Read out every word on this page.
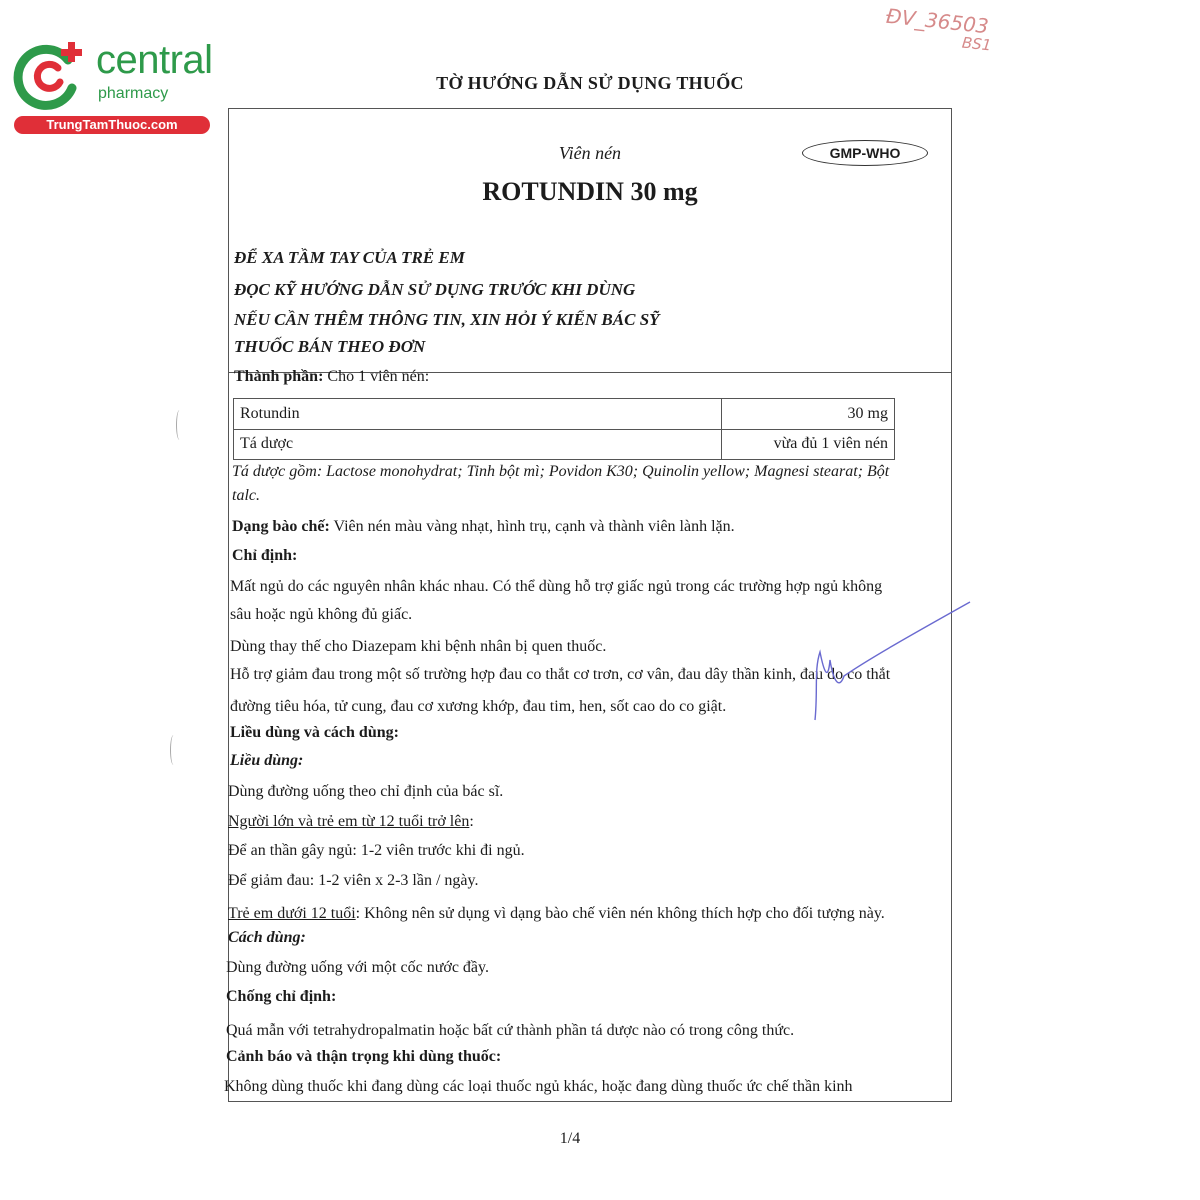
central
pharmacy
TrungTamThuoc.com
ĐV_36503
BS1
TỜ HƯỚNG DẪN SỬ DỤNG THUỐC
Viên nén	GMP-WHO
ROTUNDIN 30 mg
ĐỂ XA TẦM TAY CỦA TRẺ EM
ĐỌC KỸ HƯỚNG DẪN SỬ DỤNG TRƯỚC KHI DÙNG
NẾU CẦN THÊM THÔNG TIN, XIN HỎI Ý KIẾN BÁC SỸ
THUỐC BÁN THEO ĐƠN
Thành phần: Cho 1 viên nén:
Rotundin	30 mg
Tá dược	vừa đủ 1 viên nén
Tá dược gồm: Lactose monohydrat; Tinh bột mì; Povidon K30; Quinolin yellow; Magnesi stearat; Bột
talc.
Dạng bào chế: Viên nén màu vàng nhạt, hình trụ, cạnh và thành viên lành lặn.
Chỉ định:
Mất ngủ do các nguyên nhân khác nhau. Có thể dùng hỗ trợ giấc ngủ trong các trường hợp ngủ không
sâu hoặc ngủ không đủ giấc.
Dùng thay thế cho Diazepam khi bệnh nhân bị quen thuốc.
Hỗ trợ giảm đau trong một số trường hợp đau co thắt cơ trơn, cơ vân, đau dây thần kinh, đau do co thắt
đường tiêu hóa, tử cung, đau cơ xương khớp, đau tim, hen, sốt cao do co giật.
Liều dùng và cách dùng:
Liều dùng:
Dùng đường uống theo chỉ định của bác sĩ.
Người lớn và trẻ em từ 12 tuổi trở lên:
Để an thần gây ngủ: 1-2 viên trước khi đi ngủ.
Để giảm đau: 1-2 viên x 2-3 lần / ngày.
Trẻ em dưới 12 tuổi: Không nên sử dụng vì dạng bào chế viên nén không thích hợp cho đối tượng này.
Cách dùng:
Dùng đường uống với một cốc nước đầy.
Chống chỉ định:
Quá mẫn với tetrahydropalmatin hoặc bất cứ thành phần tá dược nào có trong công thức.
Cảnh báo và thận trọng khi dùng thuốc:
Không dùng thuốc khi đang dùng các loại thuốc ngủ khác, hoặc đang dùng thuốc ức chế thần kinh
1/4
